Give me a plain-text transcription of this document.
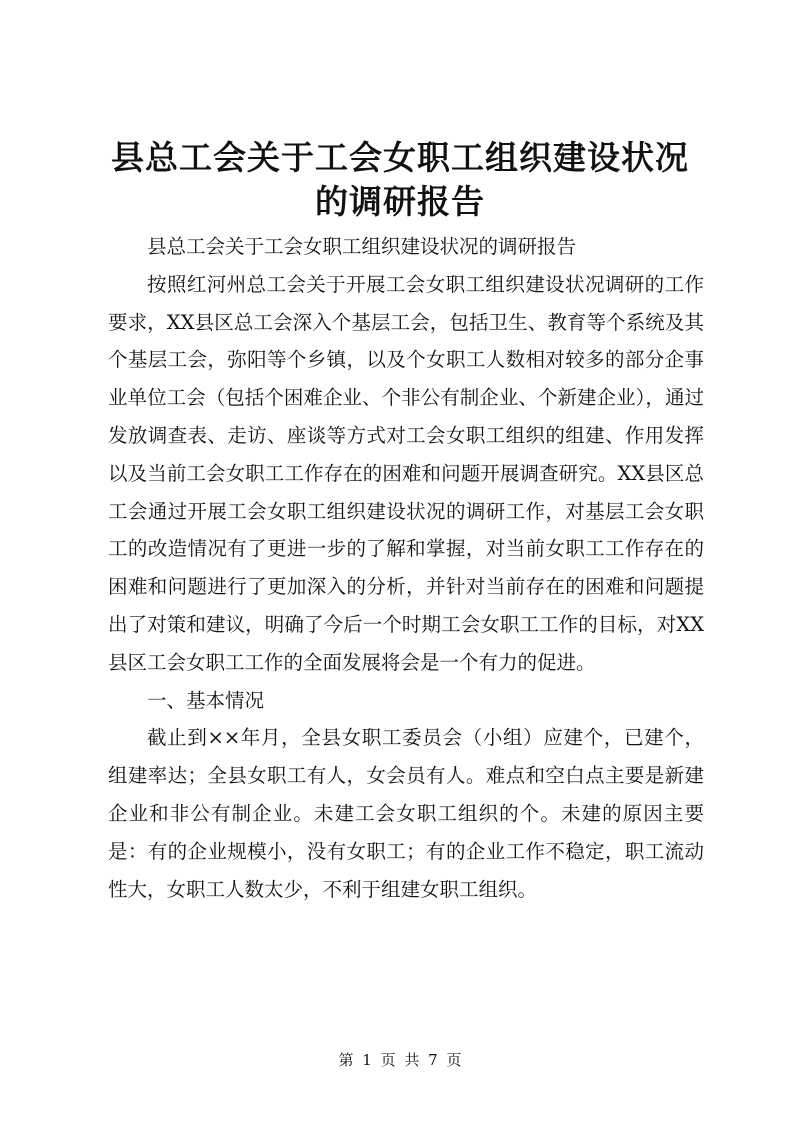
县总工会关于工会女职工组织建设状况的调研报告

县总工会关于工会女职工组织建设状况的调研报告

按照红河州总工会关于开展工会女职工组织建设状况调研的工作要求，XX县区总工会深入个基层工会，包括卫生、教育等个系统及其个基层工会，弥阳等个乡镇，以及个女职工人数相对较多的部分企事业单位工会（包括个困难企业、个非公有制企业、个新建企业），通过发放调查表、走访、座谈等方式对工会女职工组织的组建、作用发挥以及当前工会女职工工作存在的困难和问题开展调查研究。XX县区总工会通过开展工会女职工组织建设状况的调研工作，对基层工会女职工的改造情况有了更进一步的了解和掌握，对当前女职工工作存在的困难和问题进行了更加深入的分析，并针对当前存在的困难和问题提出了对策和建议，明确了今后一个时期工会女职工工作的目标，对XX县区工会女职工工作的全面发展将会是一个有力的促进。

一、基本情况

截止到××年月，全县女职工委员会（小组）应建个，已建个，组建率达；全县女职工有人，女会员有人。难点和空白点主要是新建企业和非公有制企业。未建工会女职工组织的个。未建的原因主要是：有的企业规模小，没有女职工；有的企业工作不稳定，职工流动性大，女职工人数太少，不利于组建女职工组织。

第 1 页 共 7 页
